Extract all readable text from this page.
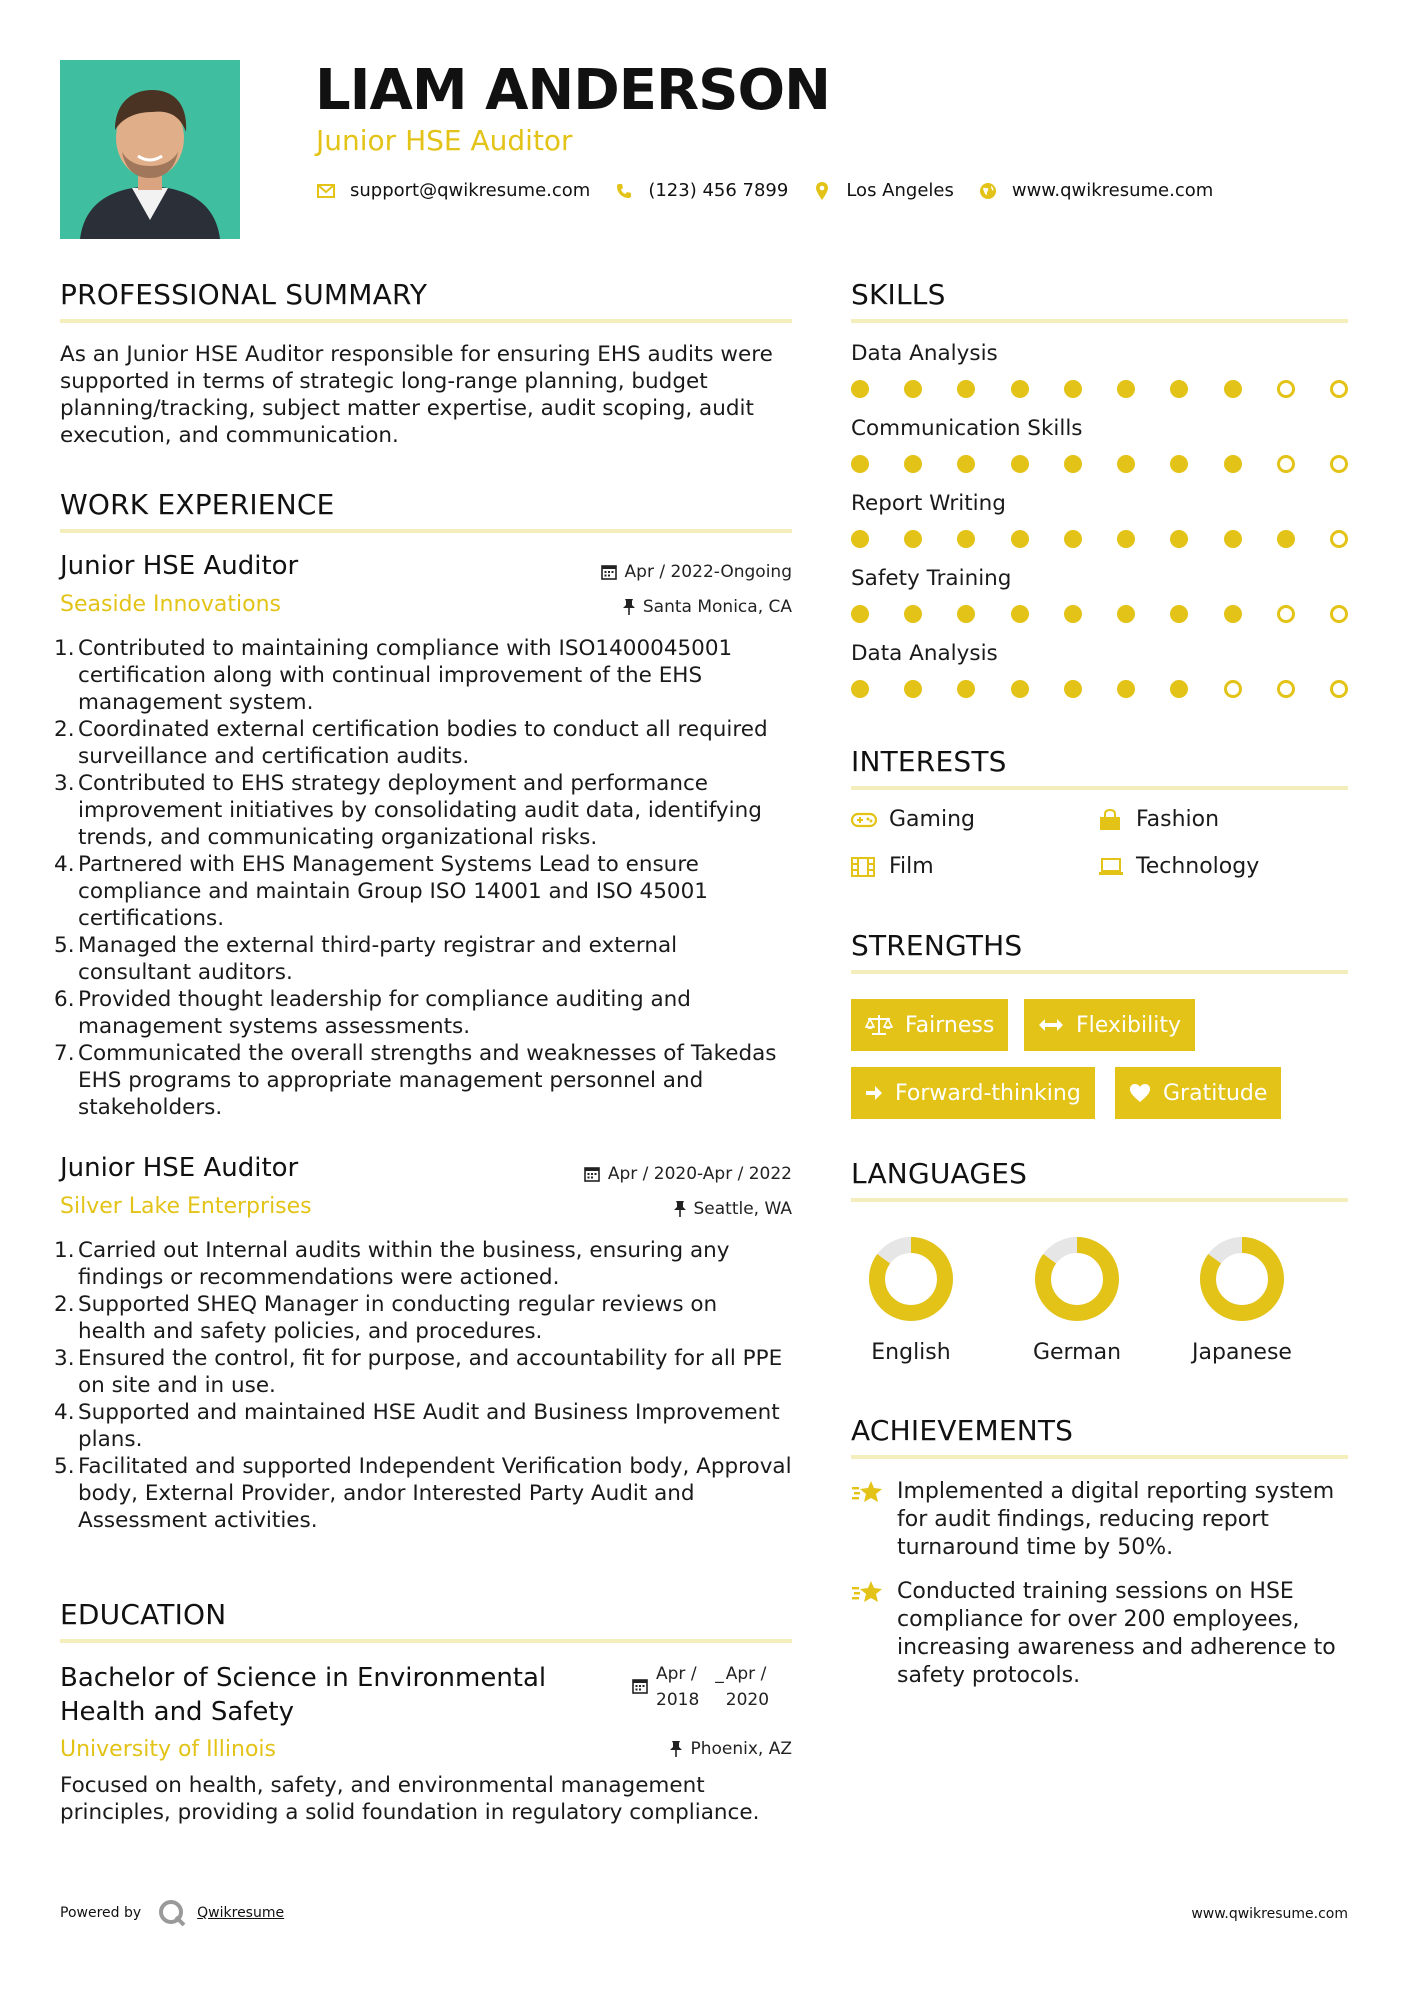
LIAM ANDERSON
Junior HSE Auditor
support@qwikresume.com	(123) 456 7899	Los Angeles	www.qwikresume.com
PROFESSIONAL SUMMARY
As an Junior HSE Auditor responsible for ensuring EHS audits were supported in terms of strategic long-range planning, budget planning/tracking, subject matter expertise, audit scoping, audit execution, and communication.
WORK EXPERIENCE
Junior HSE Auditor
Seaside Innovations
Apr / 2022-Ongoing
Santa Monica, CA
Contributed to maintaining compliance with ISO1400045001 certification along with continual improvement of the EHS management system.
Coordinated external certification bodies to conduct all required surveillance and certification audits.
Contributed to EHS strategy deployment and performance improvement initiatives by consolidating audit data, identifying trends, and communicating organizational risks.
Partnered with EHS Management Systems Lead to ensure compliance and maintain Group ISO 14001 and ISO 45001 certifications.
Managed the external third-party registrar and external consultant auditors.
Provided thought leadership for compliance auditing and management systems assessments.
Communicated the overall strengths and weaknesses of Takedas EHS programs to appropriate management personnel and stakeholders.
Junior HSE Auditor
Silver Lake Enterprises
Apr / 2020-Apr / 2022
Seattle, WA
Carried out Internal audits within the business, ensuring any findings or recommendations were actioned.
Supported SHEQ Manager in conducting regular reviews on health and safety policies, and procedures.
Ensured the control, fit for purpose, and accountability for all PPE on site and in use.
Supported and maintained HSE Audit and Business Improvement plans.
Facilitated and supported Independent Verification body, Approval body, External Provider, andor Interested Party Audit and Assessment activities.
EDUCATION
Bachelor of Science in Environmental
Health and Safety
University of Illinois
Apr /
2018
_ Apr /
2020
Phoenix, AZ
Focused on health, safety, and environmental management principles, providing a solid foundation in regulatory compliance.
SKILLS
Data Analysis
Communication Skills
Report Writing
Safety Training
Data Analysis
INTERESTS
Gaming	Fashion
Film	Technology
STRENGTHS
Fairness	Flexibility
Forward-thinking	Gratitude
LANGUAGES
English	German	Japanese
ACHIEVEMENTS
Implemented a digital reporting system for audit findings, reducing report turnaround time by 50%.
Conducted training sessions on HSE compliance for over 200 employees, increasing awareness and adherence to safety protocols.
Powered by	Qwikresume	www.qwikresume.com
